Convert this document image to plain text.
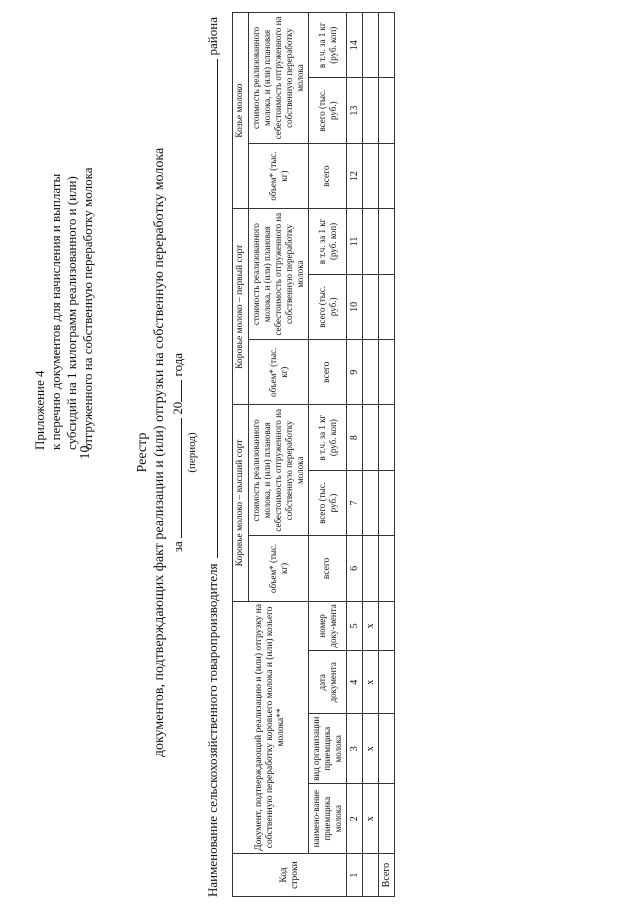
10
Приложение 4 к перечню документов для начисления и выплаты субсидий на 1 килограмм реализованного и (или) отгруженного на собственную переработку молока
Реестр документов, подтверждающих факт реализации и (или) отгрузки на собственную переработку молока за  20 года
(период)
Наименование сельскохозяйственного товаропроизводителя
района
Код строки	Документ, подтверждающий реализацию и (или) отгрузку на собственную переработку коровьего молока и (или) козьего молока**				Коровье молоко – высший сорт			Коровье молоко – первый сорт			Козье молоко		
					объем* (тыс. кг)	стоимость реализованного молока, и (или) плановая себестоимость отгруженного на собственную переработку молока		объем* (тыс. кг)	стоимость реализованного молока, и (или) плановая себестоимость отгруженного на собственную переработку молока		объем* (тыс. кг)	стоимость реализованного молока, и (или) плановая себестоимость отгруженного на собственную переработку молока	
						всего (тыс. руб.)	в т.ч. за 1 кг (руб. коп)		всего (тыс. руб.)	в т.ч. за 1 кг (руб. коп)		всего (тыс. руб.)	в т.ч. за 1 кг (руб. коп)
	наимено-вание приемщика молока	вид организации приемщика молока	дата документа	номер доку-мента	всего			всего			всего		
1	2	3	4	5	6	7	8	9	10	11	12	13	14
	х	х	х	х									
Всего													
